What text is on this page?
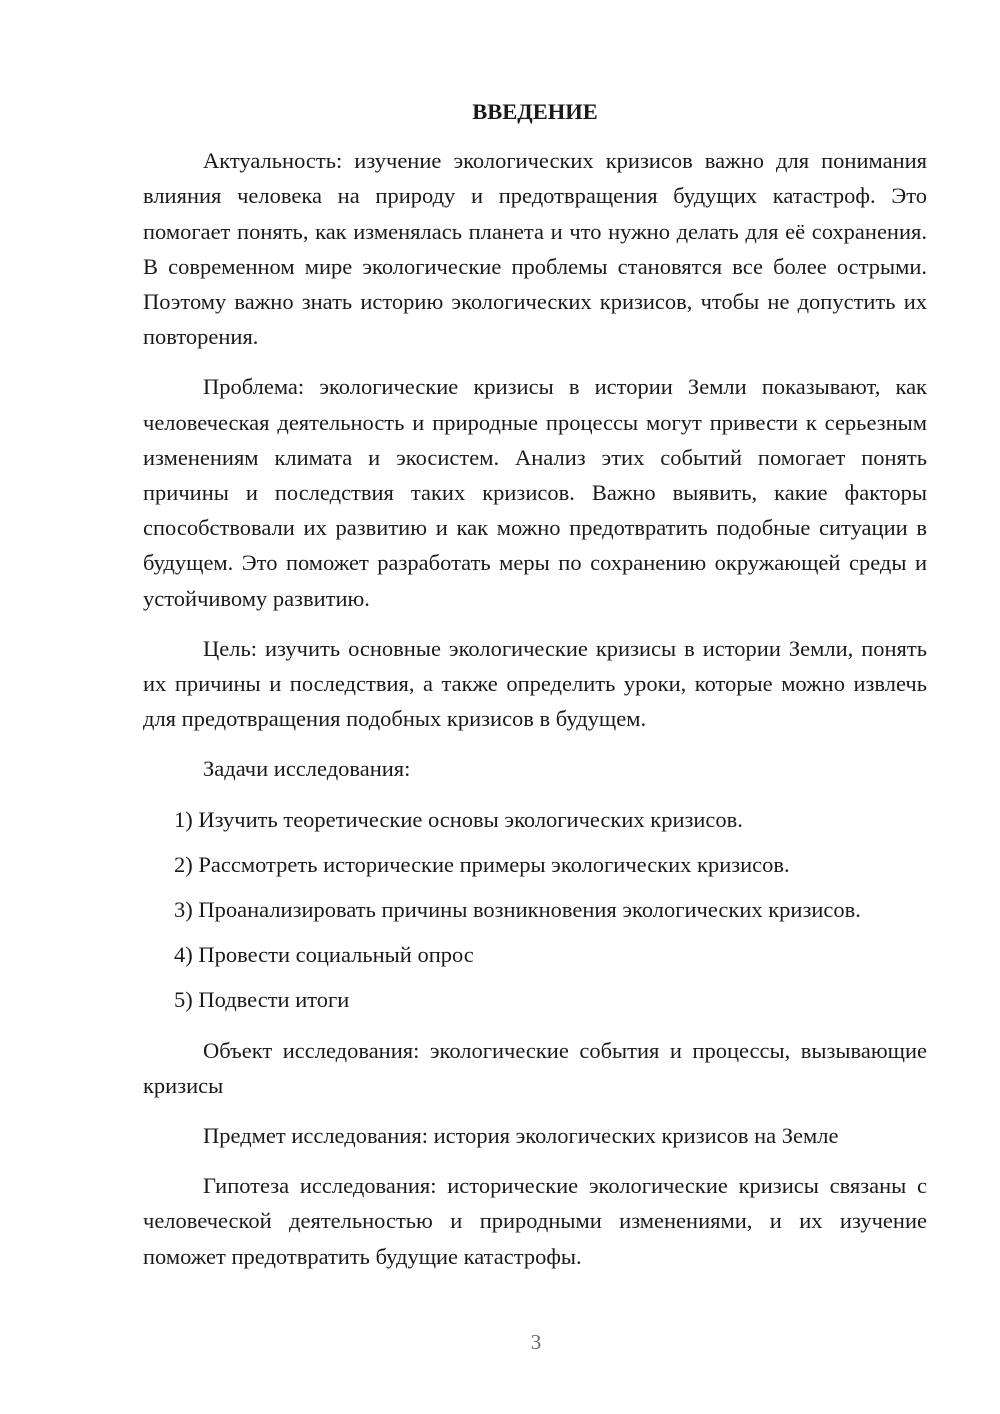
ВВЕДЕНИЕ

Актуальность: изучение экологических кризисов важно для понимания влияния человека на природу и предотвращения будущих катастроф. Это помогает понять, как изменялась планета и что нужно делать для её сохранения. В современном мире экологические проблемы становятся все более острыми. Поэтому важно знать историю экологических кризисов, чтобы не допустить их повторения.

Проблема: экологические кризисы в истории Земли показывают, как человеческая деятельность и природные процессы могут привести к серьезным изменениям климата и экосистем. Анализ этих событий помогает понять причины и последствия таких кризисов. Важно выявить, какие факторы способствовали их развитию и как можно предотвратить подобные ситуации в будущем. Это поможет разработать меры по сохранению окружающей среды и устойчивому развитию.

Цель: изучить основные экологические кризисы в истории Земли, понять их причины и последствия, а также определить уроки, которые можно извлечь для предотвращения подобных кризисов в будущем.

Задачи исследования:

1) Изучить теоретические основы экологических кризисов.

2) Рассмотреть исторические примеры экологических кризисов.

3) Проанализировать причины возникновения экологических кризисов.

4) Провести социальный опрос

5) Подвести итоги

Объект исследования: экологические события и процессы, вызывающие кризисы

Предмет исследования: история экологических кризисов на Земле

Гипотеза исследования: исторические экологические кризисы связаны с человеческой деятельностью и природными изменениями, и их изучение поможет предотвратить будущие катастрофы.

3
